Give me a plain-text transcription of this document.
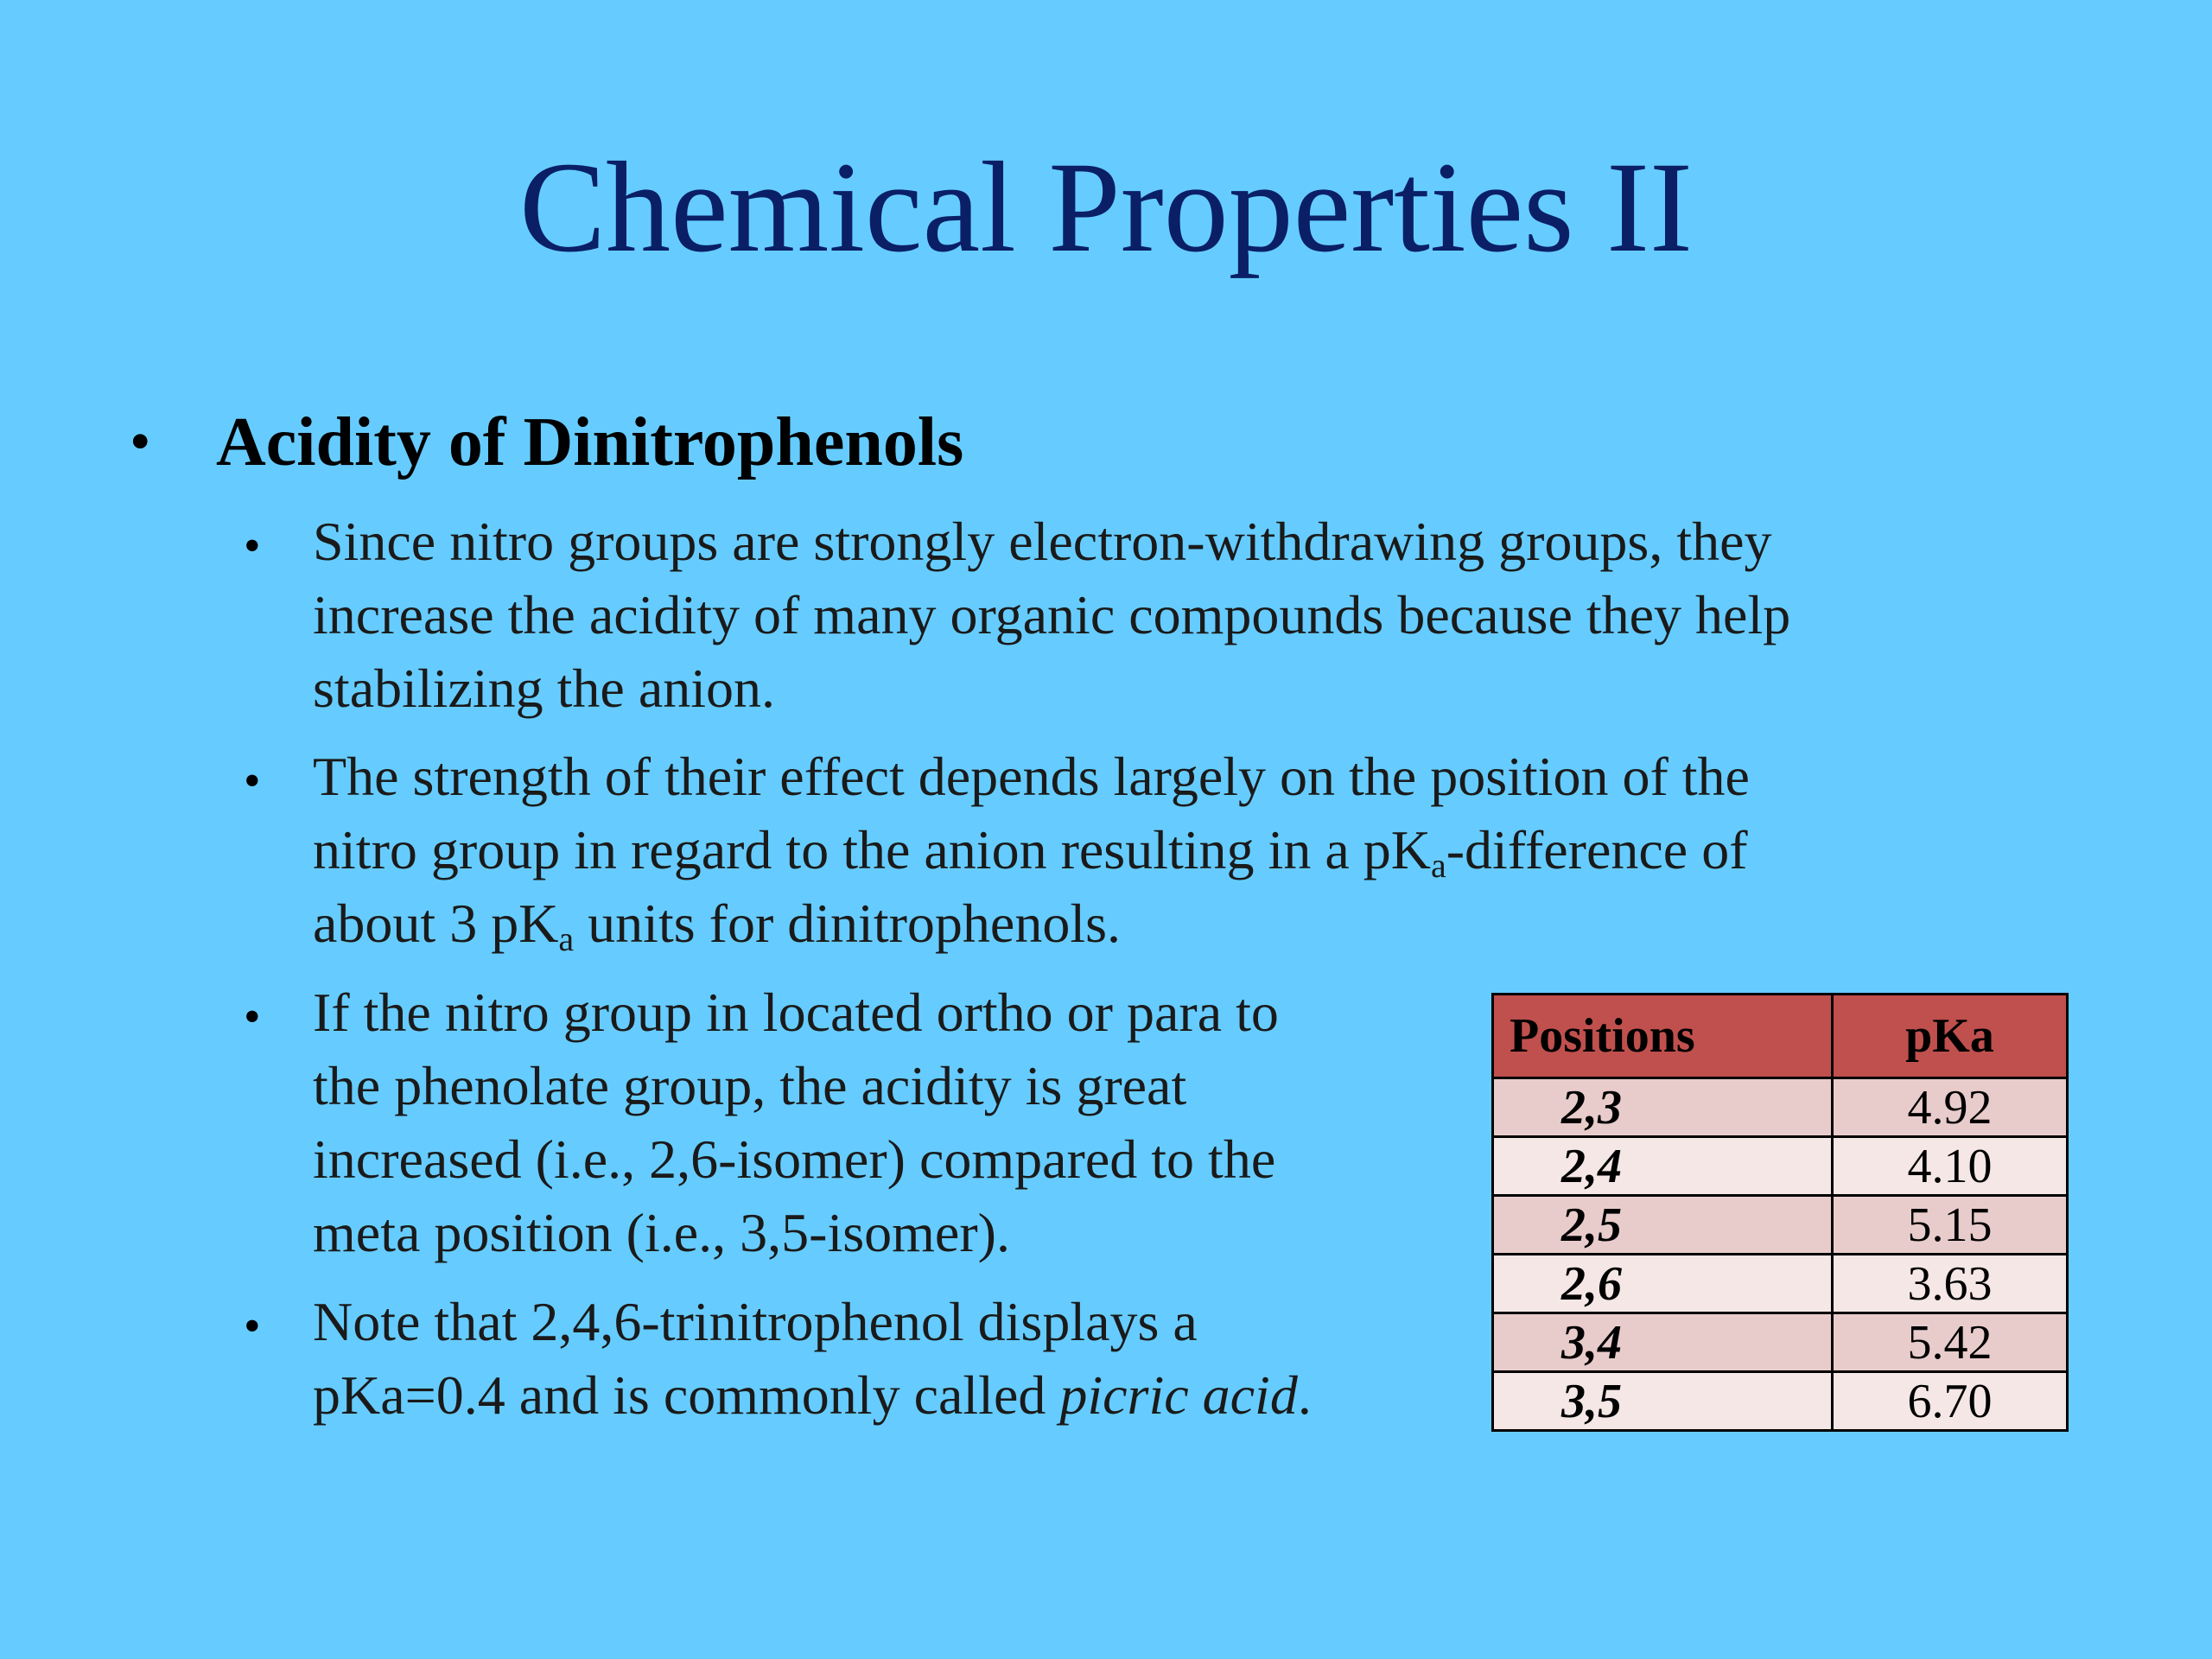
Chemical Properties II
• Acidity of Dinitrophenols
• Since nitro groups are strongly electron-withdrawing groups, they
increase the acidity of many organic compounds because they help
stabilizing the anion.
• The strength of their effect depends largely on the position of the
nitro group in regard to the anion resulting in a $pK_a$-difference of
about 3 $pK_a$ units for dinitrophenols.
• If the nitro group in located ortho or para to
the phenolate group, the acidity is great
increased (i.e., 2,6-isomer) compared to the
meta position (i.e., 3,5-isomer).
• Note that 2,4,6-trinitrophenol displays a
pKa=0.4 and is commonly called picric acid.
Positions	pKa
2,3	4.92
2,4	4.10
2,5	5.15
2,6	3.63
3,4	5.42
3,5	6.70
